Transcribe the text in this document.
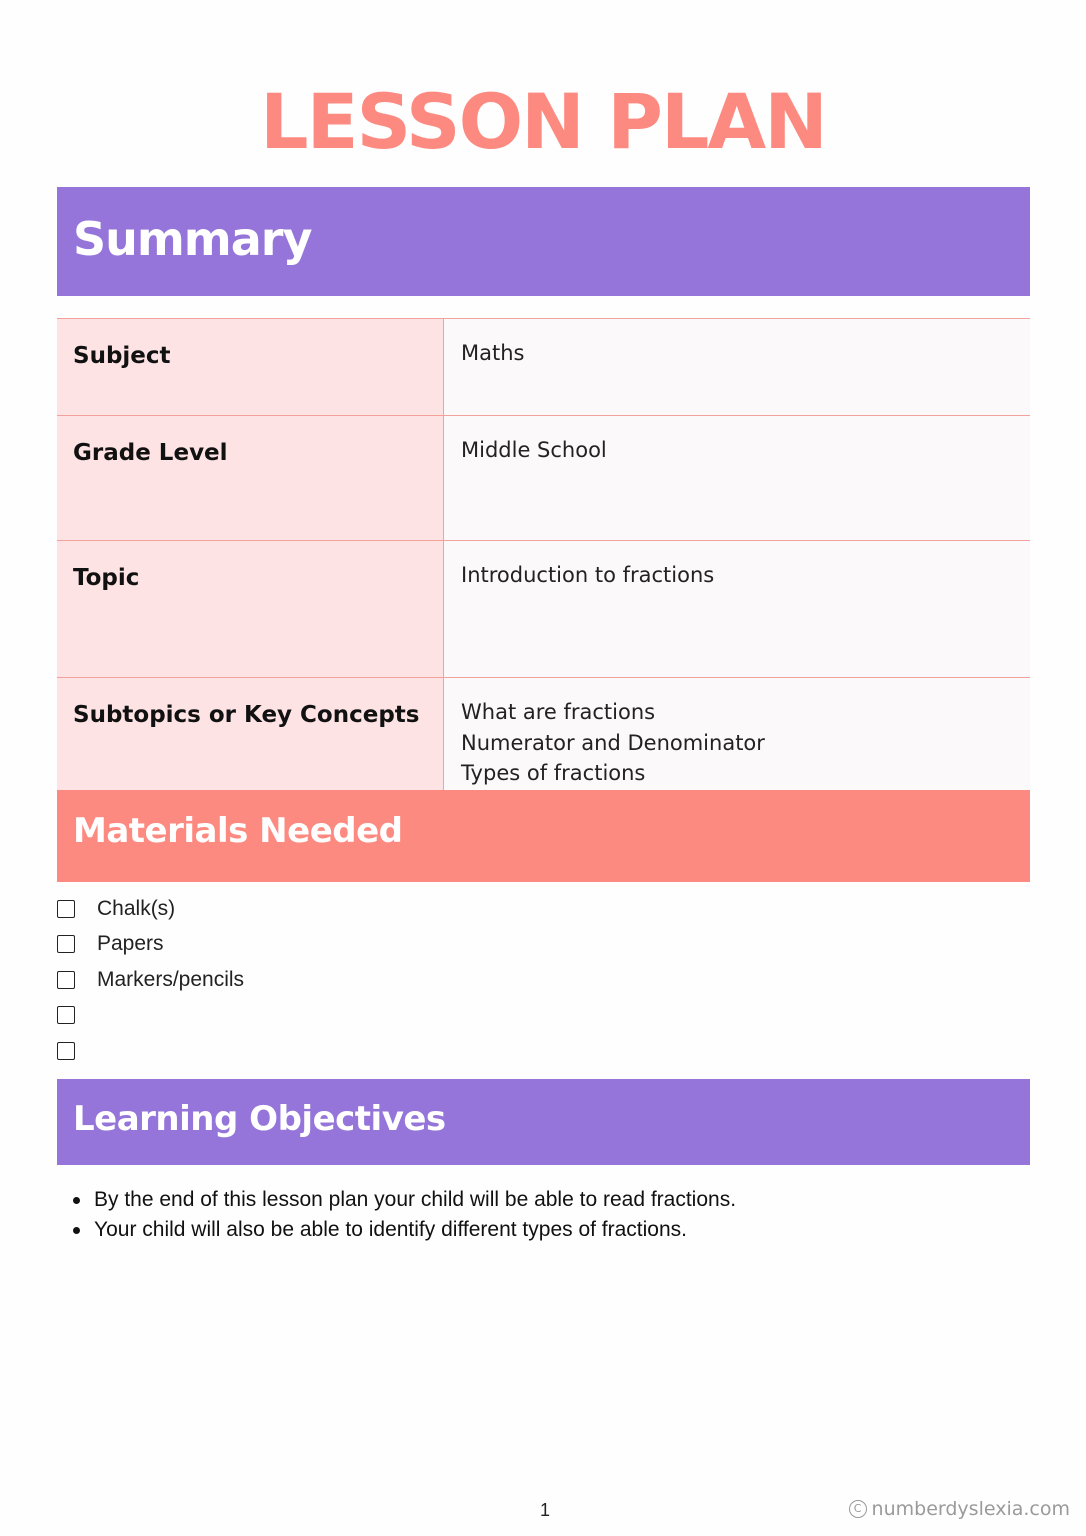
LESSON PLAN
Summary
Subject	Maths

Grade Level	Middle School

Topic	Introduction to fractions

Subtopics or Key Concepts	What are fractions
Numerator and Denominator
Types of fractions
Materials Needed
Chalk(s)
Papers
Markers/pencils
Learning Objectives
By the end of this lesson plan your child will be able to read fractions.
Your child will also be able to identify different types of fractions.
1	C numberdyslexia.com
